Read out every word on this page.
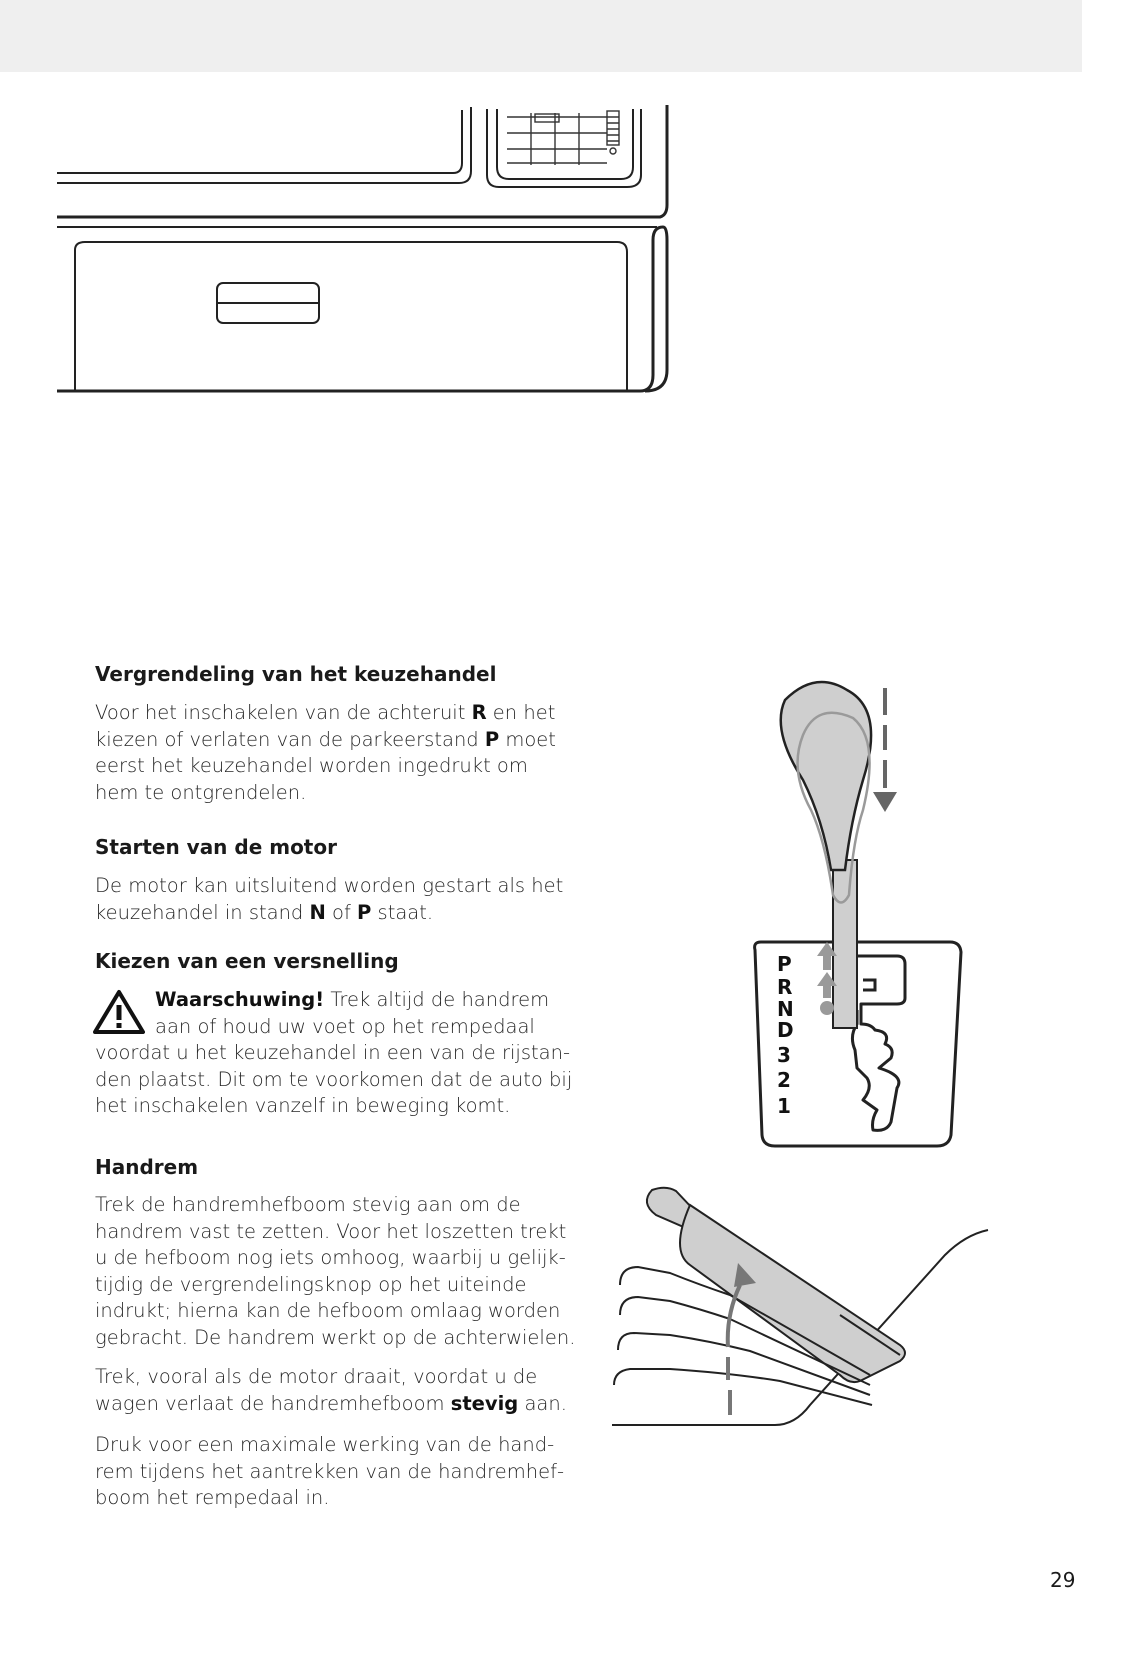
Vergrendeling van het keuzehandel
Voor het inschakelen van de achteruit R en het
kiezen of verlaten van de parkeerstand P moet
eerst het keuzehandel worden ingedrukt om
hem te ontgrendelen.
Starten van de motor
De motor kan uitsluitend worden gestart als het
keuzehandel in stand N of P staat.
Kiezen van een versnelling
Waarschuwing! Trek altijd de handrem
aan of houd uw voet op het rempedaal
voordat u het keuzehandel in een van de rijstan-
den plaatst. Dit om te voorkomen dat de auto bij
het inschakelen vanzelf in beweging komt.
Handrem
Trek de handremhefboom stevig aan om de
handrem vast te zetten. Voor het loszetten trekt
u de hefboom nog iets omhoog, waarbij u gelijk-
tijdig de vergrendelingsknop op het uiteinde
indrukt; hierna kan de hefboom omlaag worden
gebracht. De handrem werkt op de achterwielen.
Trek, vooral als de motor draait, voordat u de
wagen verlaat de handremhefboom stevig aan.
Druk voor een maximale werking van de hand-
rem tijdens het aantrekken van de handremhef-
boom het rempedaal in.
P
R
N
D
3
2
1

29
